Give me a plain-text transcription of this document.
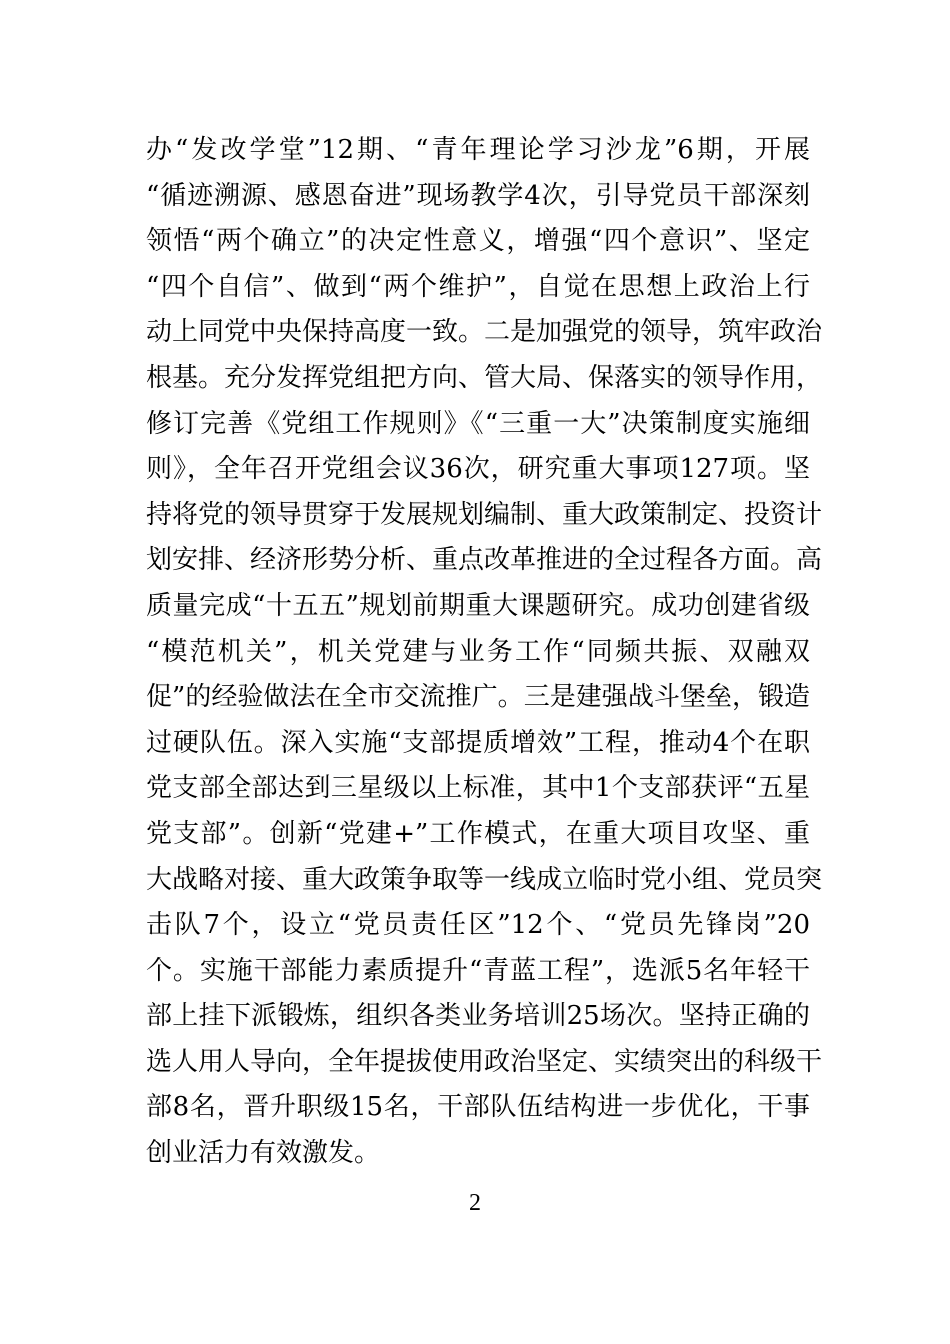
办“发改学堂”12期、“青年理论学习沙龙”6期，开展
“循迹溯源、感恩奋进”现场教学4次，引导党员干部深刻
领悟“两个确立”的决定性意义，增强“四个意识”、坚定
“四个自信”、做到“两个维护”，自觉在思想上政治上行
动上同党中央保持高度一致。二是加强党的领导，筑牢政治
根基。充分发挥党组把方向、管大局、保落实的领导作用，
修订完善《党组工作规则》《“三重一大”决策制度实施细
则》，全年召开党组会议36次，研究重大事项127项。坚
持将党的领导贯穿于发展规划编制、重大政策制定、投资计
划安排、经济形势分析、重点改革推进的全过程各方面。高
质量完成“十五五”规划前期重大课题研究。成功创建省级
“模范机关”，机关党建与业务工作“同频共振、双融双
促”的经验做法在全市交流推广。三是建强战斗堡垒，锻造
过硬队伍。深入实施“支部提质增效”工程，推动4个在职
党支部全部达到三星级以上标准，其中1个支部获评“五星
党支部”。创新“党建+”工作模式，在重大项目攻坚、重
大战略对接、重大政策争取等一线成立临时党小组、党员突
击队7个，设立“党员责任区”12个、“党员先锋岗”20
个。实施干部能力素质提升“青蓝工程”，选派5名年轻干
部上挂下派锻炼，组织各类业务培训25场次。坚持正确的
选人用人导向，全年提拔使用政治坚定、实绩突出的科级干
部8名，晋升职级15名，干部队伍结构进一步优化，干事
创业活力有效激发。
2
